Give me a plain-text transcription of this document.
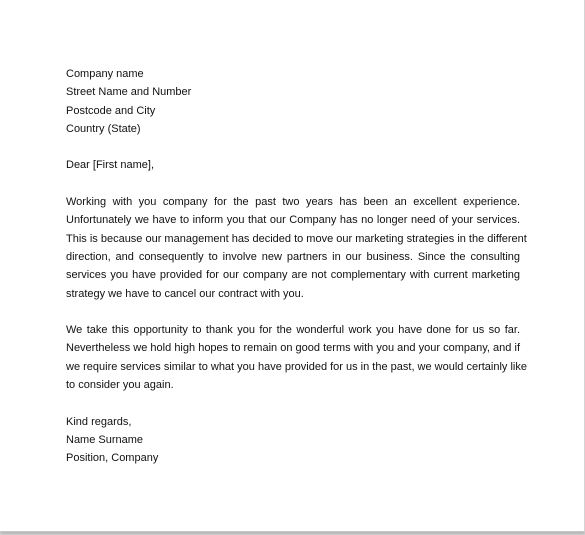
Company name
Street Name and Number
Postcode and City
Country (State)
Dear [First name],
Working with you company for the past two years has been an excellent experience.
Unfortunately we have to inform you that our Company has no longer need of your services.
This is because our management has decided to move our marketing strategies in the different
direction, and consequently to involve new partners in our business. Since the consulting
services you have provided for our company are not complementary with current marketing
strategy we have to cancel our contract with you.
We take this opportunity to thank you for the wonderful work you have done for us so far.
Nevertheless we hold high hopes to remain on good terms with you and your company, and if
we require services similar to what you have provided for us in the past, we would certainly like
to consider you again.
Kind regards,
Name Surname
Position, Company
